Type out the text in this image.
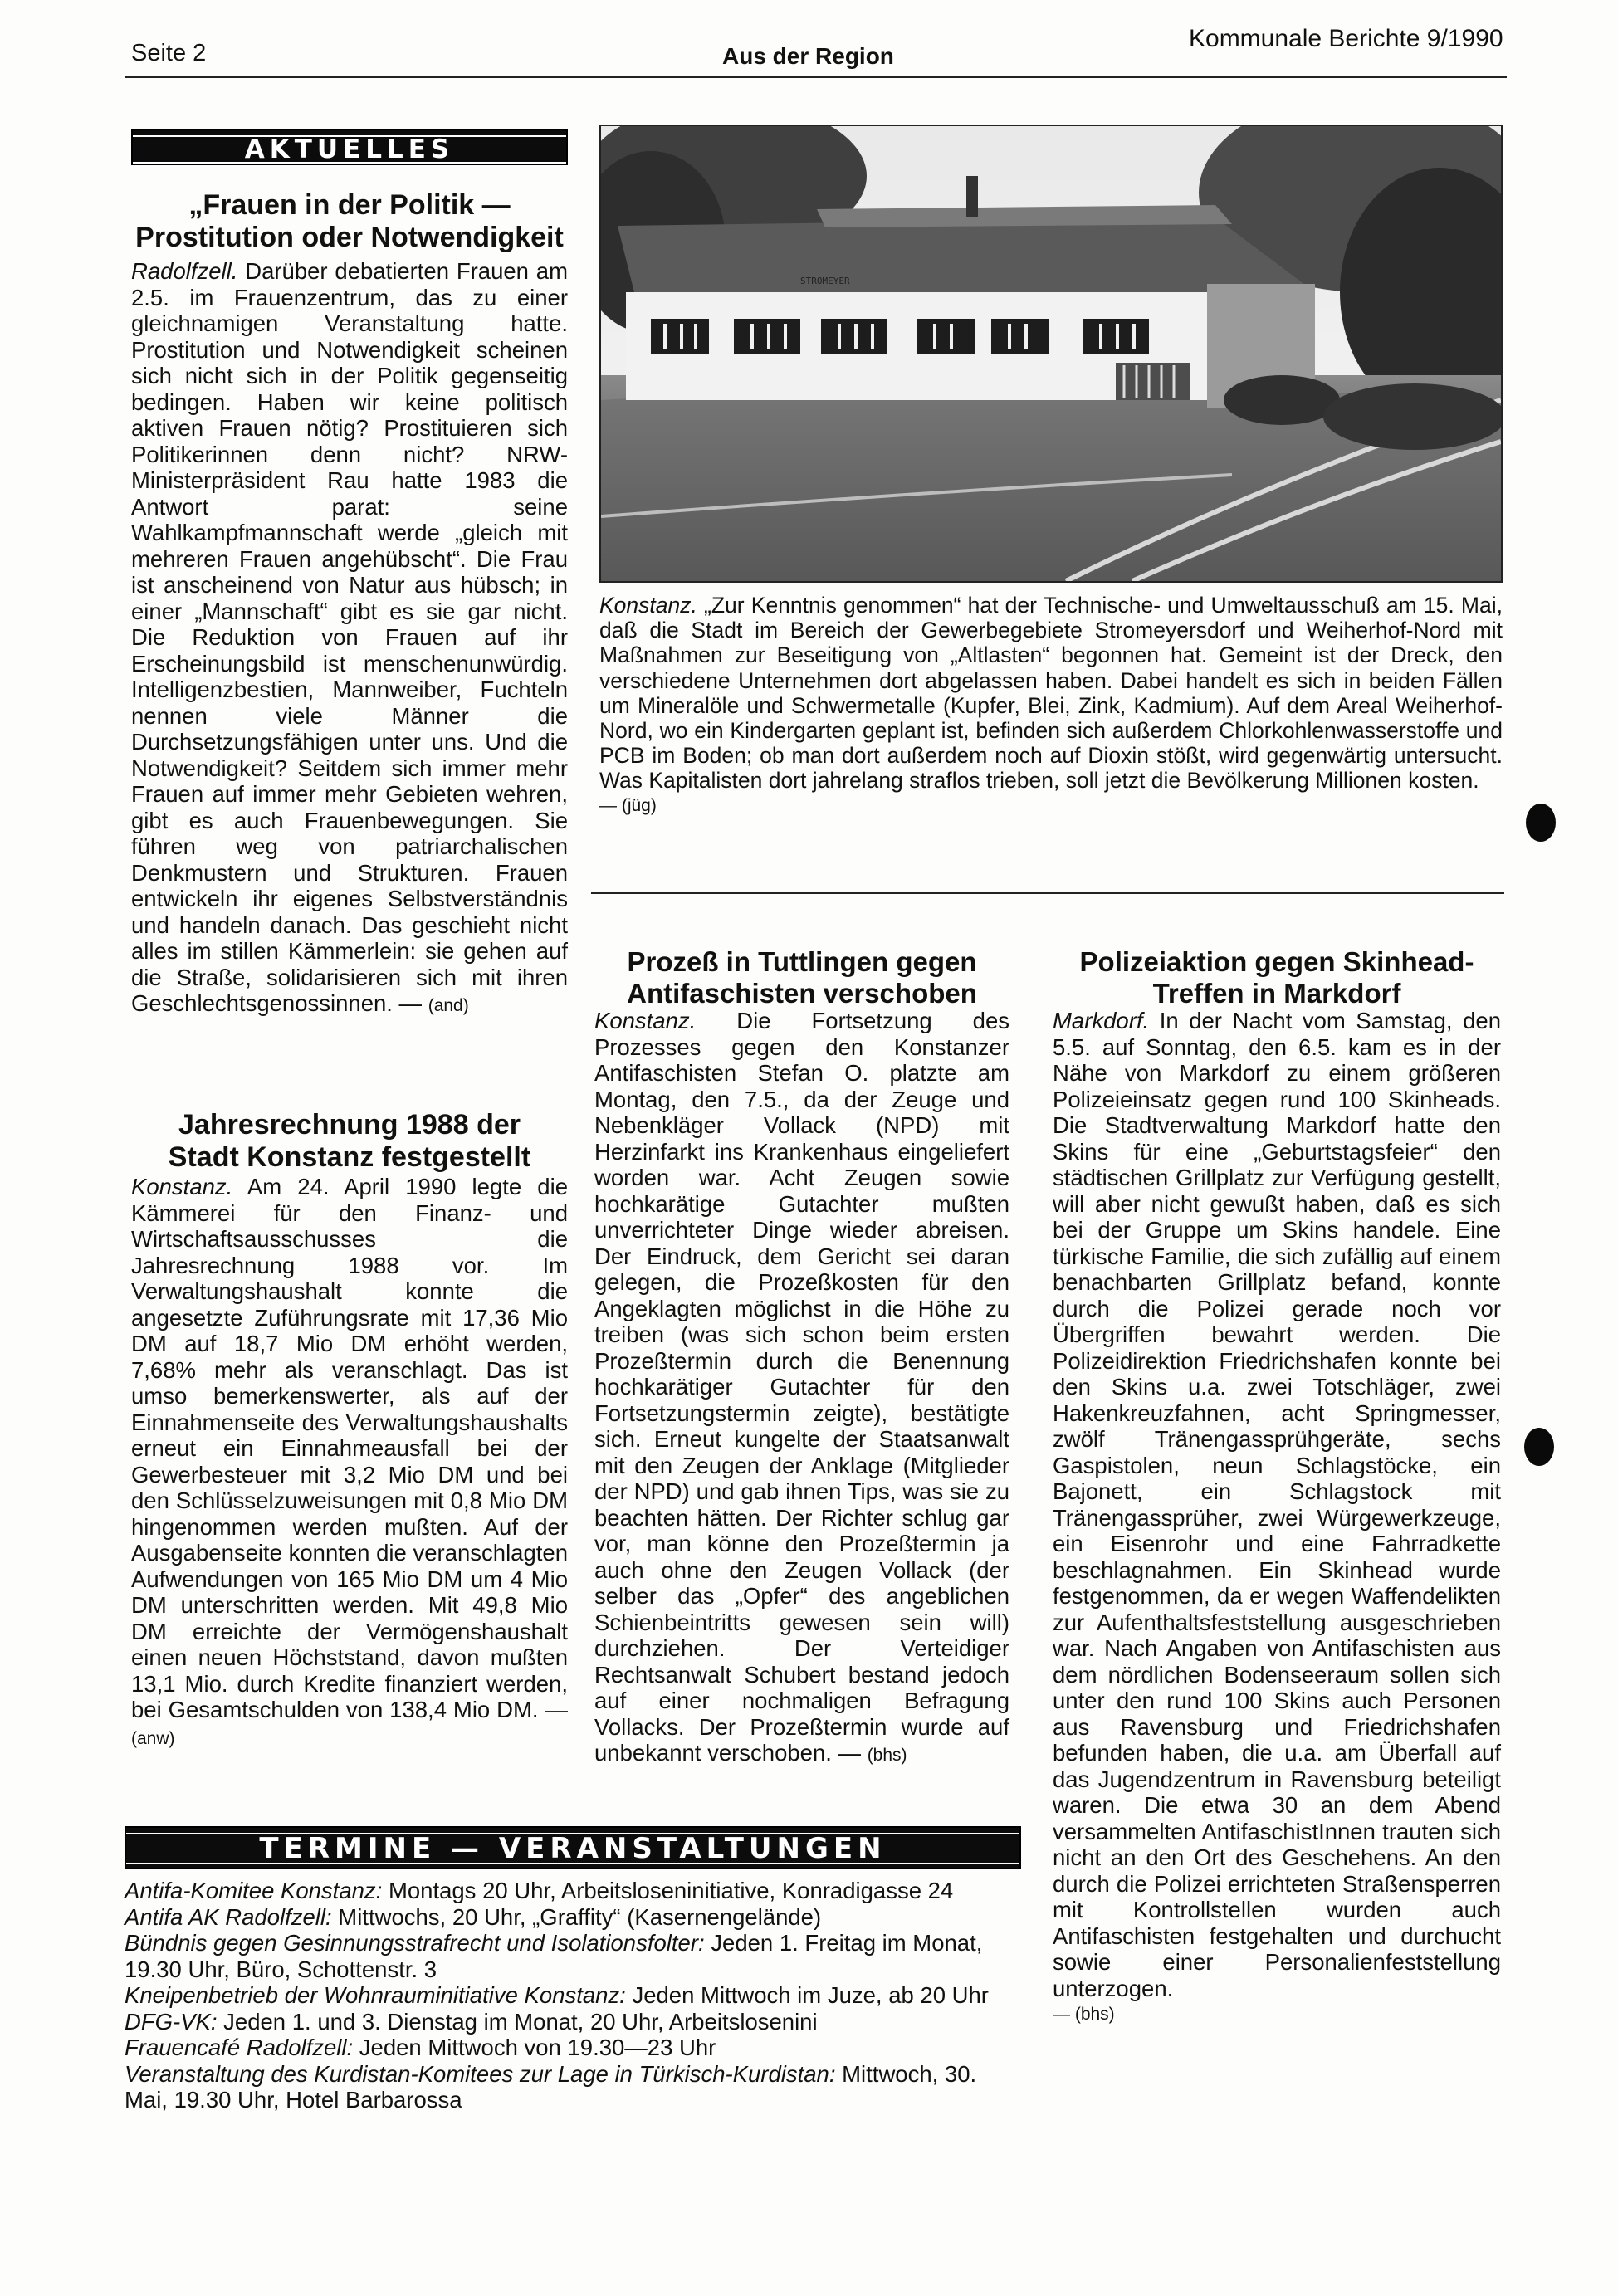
Seite 2	Aus der Region
Kommunale Berichte 9/1990
AKTUELLES
„Frauen in der Politik —
Prostitution oder Notwendigkeit
Radolfzell. Darüber debatierten Frauen am 2.5. im Frauenzentrum, das zu einer gleichnamigen Veranstaltung hatte. Prostitution und Notwendigkeit scheinen sich nicht sich in der Politik gegenseitig bedingen. Haben wir keine politisch aktiven Frauen nötig? Prostituieren sich Politikerinnen denn nicht? NRW-Ministerpräsident Rau hatte 1983 die Antwort parat: seine Wahlkampfmannschaft werde „gleich mit mehreren Frauen angehübscht“. Die Frau ist anscheinend von Natur aus hübsch; in einer „Mannschaft“ gibt es sie gar nicht. Die Reduktion von Frauen auf ihr Erscheinungsbild ist menschenunwürdig. Intelligenzbestien, Mannweiber, Fuchteln nennen viele Männer die Durchsetzungsfähigen unter uns. Und die Notwendigkeit? Seitdem sich immer mehr Frauen auf immer mehr Gebieten wehren, gibt es auch Frauenbewegungen. Sie führen weg von patriarchalischen Denkmustern und Strukturen. Frauen entwickeln ihr eigenes Selbstverständnis und handeln danach. Das geschieht nicht alles im stillen Kämmerlein: sie gehen auf die Straße, solidarisieren sich mit ihren Geschlechtsgenossinnen. — (and)
Jahresrechnung 1988 der
Stadt Konstanz festgestellt
Konstanz. Am 24. April 1990 legte die Kämmerei für den Finanz- und Wirtschaftsausschusses die Jahresrechnung 1988 vor. Im Verwaltungshaushalt konnte die angesetzte Zuführungsrate mit 17,36 Mio DM auf 18,7 Mio DM erhöht werden, 7,68% mehr als veranschlagt. Das ist umso bemerkenswerter, als auf der Einnahmenseite des Verwaltungshaushalts erneut ein Einnahmeausfall bei der Gewerbesteuer mit 3,2 Mio DM und bei den Schlüsselzuweisungen mit 0,8 Mio DM hingenommen werden mußten. Auf der Ausgabenseite konnten die veranschlagten Aufwendungen von 165 Mio DM um 4 Mio DM unterschritten werden. Mit 49,8 Mio DM erreichte der Vermögenshaushalt einen neuen Höchststand, davon mußten 13,1 Mio. durch Kredite finanziert werden, bei Gesamtschulden von 138,4 Mio DM. — (anw)
STROMEYER
Konstanz. „Zur Kenntnis genommen“ hat der Technische- und Umweltausschuß am 15. Mai, daß die Stadt im Bereich der Gewerbegebiete Stromeyersdorf und Weiherhof-Nord mit Maßnahmen zur Beseitigung von „Altlasten“ begonnen hat. Gemeint ist der Dreck, den verschiedene Unternehmen dort abgelassen haben. Dabei handelt es sich in beiden Fällen um Mineralöle und Schwermetalle (Kupfer, Blei, Zink, Kadmium). Auf dem Areal Weiherhof-Nord, wo ein Kindergarten geplant ist, befinden sich außerdem Chlorkohlenwasserstoffe und PCB im Boden; ob man dort außerdem noch auf Dioxin stößt, wird gegenwärtig untersucht. Was Kapitalisten dort jahrelang straflos trieben, soll jetzt die Bevölkerung Millionen kosten.
— (jüg)
Prozeß in Tuttlingen gegen
Antifaschisten verschoben
Konstanz. Die Fortsetzung des Prozesses gegen den Konstanzer Antifaschisten Stefan O. platzte am Montag, den 7.5., da der Zeuge und Nebenkläger Vollack (NPD) mit Herzinfarkt ins Krankenhaus eingeliefert worden war. Acht Zeugen sowie hochkarätige Gutachter mußten unverrichteter Dinge wieder abreisen. Der Eindruck, dem Gericht sei daran gelegen, die Prozeßkosten für den Angeklagten möglichst in die Höhe zu treiben (was sich schon beim ersten Prozeßtermin durch die Benennung hochkarätiger Gutachter für den Fortsetzungstermin zeigte), bestätigte sich. Erneut kungelte der Staatsanwalt mit den Zeugen der Anklage (Mitglieder der NPD) und gab ihnen Tips, was sie zu beachten hätten. Der Richter schlug gar vor, man könne den Prozeßtermin ja auch ohne den Zeugen Vollack (der selber das „Opfer“ des angeblichen Schienbeintritts gewesen sein will) durchziehen. Der Verteidiger Rechtsanwalt Schubert bestand jedoch auf einer nochmaligen Befragung Vollacks. Der Prozeßtermin wurde auf unbekannt verschoben. — (bhs)
Polizeiaktion gegen Skinhead-
Treffen in Markdorf
Markdorf. In der Nacht vom Samstag, den 5.5. auf Sonntag, den 6.5. kam es in der Nähe von Markdorf zu einem größeren Polizeieinsatz gegen rund 100 Skinheads. Die Stadtverwaltung Markdorf hatte den Skins für eine „Geburtstagsfeier“ den städtischen Grillplatz zur Verfügung gestellt, will aber nicht gewußt haben, daß es sich bei der Gruppe um Skins handele. Eine türkische Familie, die sich zufällig auf einem benachbarten Grillplatz befand, konnte durch die Polizei gerade noch vor Übergriffen bewahrt werden. Die Polizeidirektion Friedrichshafen konnte bei den Skins u.a. zwei Totschläger, zwei Hakenkreuzfahnen, acht Springmesser, zwölf Tränengassprühgeräte, sechs Gaspistolen, neun Schlagstöcke, ein Bajonett, ein Schlagstock mit Tränengassprüher, zwei Würgewerkzeuge, ein Eisenrohr und eine Fahrradkette beschlagnahmen. Ein Skinhead wurde festgenommen, da er wegen Waffendelikten zur Aufenthaltsfeststellung ausgeschrieben war. Nach Angaben von Antifaschisten aus dem nördlichen Bodenseeraum sollen sich unter den rund 100 Skins auch Personen aus Ravensburg und Friedrichshafen befunden haben, die u.a. am Überfall auf das Jugendzentrum in Ravensburg beteiligt waren. Die etwa 30 an dem Abend versammelten AntifaschistInnen trauten sich nicht an den Ort des Geschehens. An den durch die Polizei errichteten Straßensperren mit Kontrollstellen wurden auch Antifaschisten festgehalten und durchucht sowie einer Personalienfeststellung unterzogen.
— (bhs)
TERMINE — VERANSTALTUNGEN

Antifa-Komitee Konstanz: Montags 20 Uhr, Arbeitsloseninitiative, Konradigasse 24

Antifa AK Radolfzell: Mittwochs, 20 Uhr, „Graffity“ (Kasernengelände)

Bündnis gegen Gesinnungsstrafrecht und Isolationsfolter: Jeden 1. Freitag im Monat, 19.30 Uhr, Büro, Schottenstr. 3

Kneipenbetrieb der Wohnrauminitiative Konstanz: Jeden Mittwoch im Juze, ab 20 Uhr

DFG-VK: Jeden 1. und 3. Dienstag im Monat, 20 Uhr, Arbeitslosenini

Frauencafé Radolfzell: Jeden Mittwoch von 19.30—23 Uhr

Veranstaltung des Kurdistan-Komitees zur Lage in Türkisch-Kurdistan: Mittwoch, 30. Mai, 19.30 Uhr, Hotel Barbarossa
